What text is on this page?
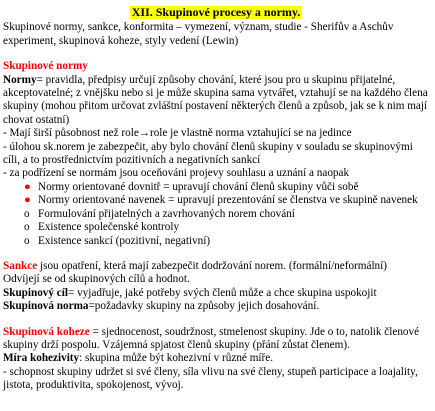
XII. Skupinové procesy a normy.

Skupinové normy, sankce, konformita – vymezení, význam, studie - Sherifův a Aschův experiment, skupinová koheze, styly vedení (Lewin)

Skupinové normy

Normy= pravidla, předpisy určují způsoby chování, které jsou pro u skupinu přijatelné, akceptovatelné; z vnějšku nebo si je může skupina sama vytvářet, vztahují se na každého člena skupiny (mohou přitom určovat zvláštní postavení některých členů a způsob, jak se k nim mají chovat ostatní)

- Mají širší působnost než role→role je vlastně norma vztahující se na jedince

- úlohou sk.norem je zabezpečit, aby bylo chování členů skupiny v souladu se skupinovými cíli, a to prostřednictvím pozitivních a negativních sankcí

- za podřízení se normám jsou oceňováni projevy souhlasu a uznání a naopak

● Normy orientované dovnitř = upravují chování členů skupiny vůči sobě
● Normy orientované navenek = upravují prezentování se členstva ve skupině navenek
o Formulování přijatelných a zavrhovaných norem chování
o Existence společenské kontroly
o Existence sankcí (pozitivní, negativní)

Sankce jsou opatření, která mají zabezpečit dodržování norem. (formální/neformální)

Odvíjejí se od skupinových cílů a hodnot.

Skupinový cíl= vyjadřuje, jaké potřeby svých členů může a chce skupina uspokojit

Skupinová norma=požadavky skupiny na způsoby jejich dosahování.

Skupinová koheze = sjednocenost, soudržnost, stmelenost skupiny. Jde o to, natolik členové skupiny drží pospolu. Vzájemná spjatost členů skupiny (přání zůstat členem).

Míra kohezivity: skupina může být kohezivní v různé míře.

- schopnost skupiny udržet si své členy, síla vlivu na své členy, stupeň participace a loajality, jistota, produktivita, spokojenost, vývoj.
